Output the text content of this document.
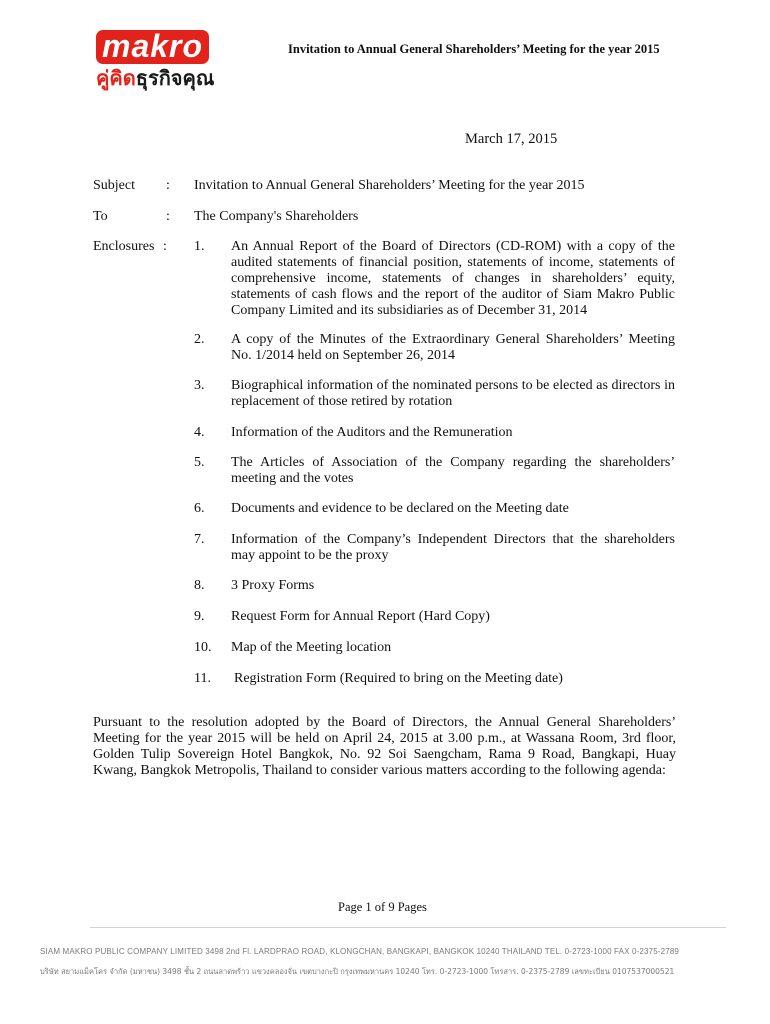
makro
คู่คิดธุรกิจคุณ
Invitation to Annual General Shareholders’ Meeting for the year 2015
March 17, 2015
Subject : Invitation to Annual General Shareholders’ Meeting for the year 2015
To	: The Company's Shareholders
Enclosures : 1. An Annual Report of the Board of Directors (CD-ROM) with a copy of the audited statements of financial position, statements of income, statements of comprehensive income, statements of changes in shareholders’ equity, statements of cash flows and the report of the auditor of Siam Makro Public Company Limited and its subsidiaries as of December 31, 2014
2. A copy of the Minutes of the Extraordinary General Shareholders’ Meeting No. 1/2014 held on September 26, 2014
3. Biographical information of the nominated persons to be elected as directors in replacement of those retired by rotation
4. Information of the Auditors and the Remuneration
5. The Articles of Association of the Company regarding the shareholders’ meeting and the votes
6. Documents and evidence to be declared on the Meeting date
7. Information of the Company’s Independent Directors that the shareholders may appoint to be the proxy
8. 3 Proxy Forms
9. Request Form for Annual Report (Hard Copy)
10. Map of the Meeting location
11. Registration Form (Required to bring on the Meeting date)
Pursuant to the resolution adopted by the Board of Directors, the Annual General Shareholders’ Meeting for the year 2015 will be held on April 24, 2015 at 3.00 p.m., at Wassana Room, 3rd floor, Golden Tulip Sovereign Hotel Bangkok, No. 92 Soi Saengcham, Rama 9 Road, Bangkapi, Huay Kwang, Bangkok Metropolis, Thailand to consider various matters according to the following agenda:
Page 1 of 9 Pages
SIAM MAKRO PUBLIC COMPANY LIMITED 3498 2nd Fl. LARDPRAO ROAD, KLONGCHAN, BANGKAPI, BANGKOK 10240 THAILAND TEL. 0-2723-1000 FAX 0-2375-2789
บริษัท สยามแม็คโคร จำกัด (มหาชน) 3498 ชั้น 2 ถนนลาดพร้าว แขวงคลองจั่น เขตบางกะปิ กรุงเทพมหานคร 10240 โทร. 0-2723-1000 โทรสาร. 0-2375-2789 เลขทะเบียน 0107537000521
